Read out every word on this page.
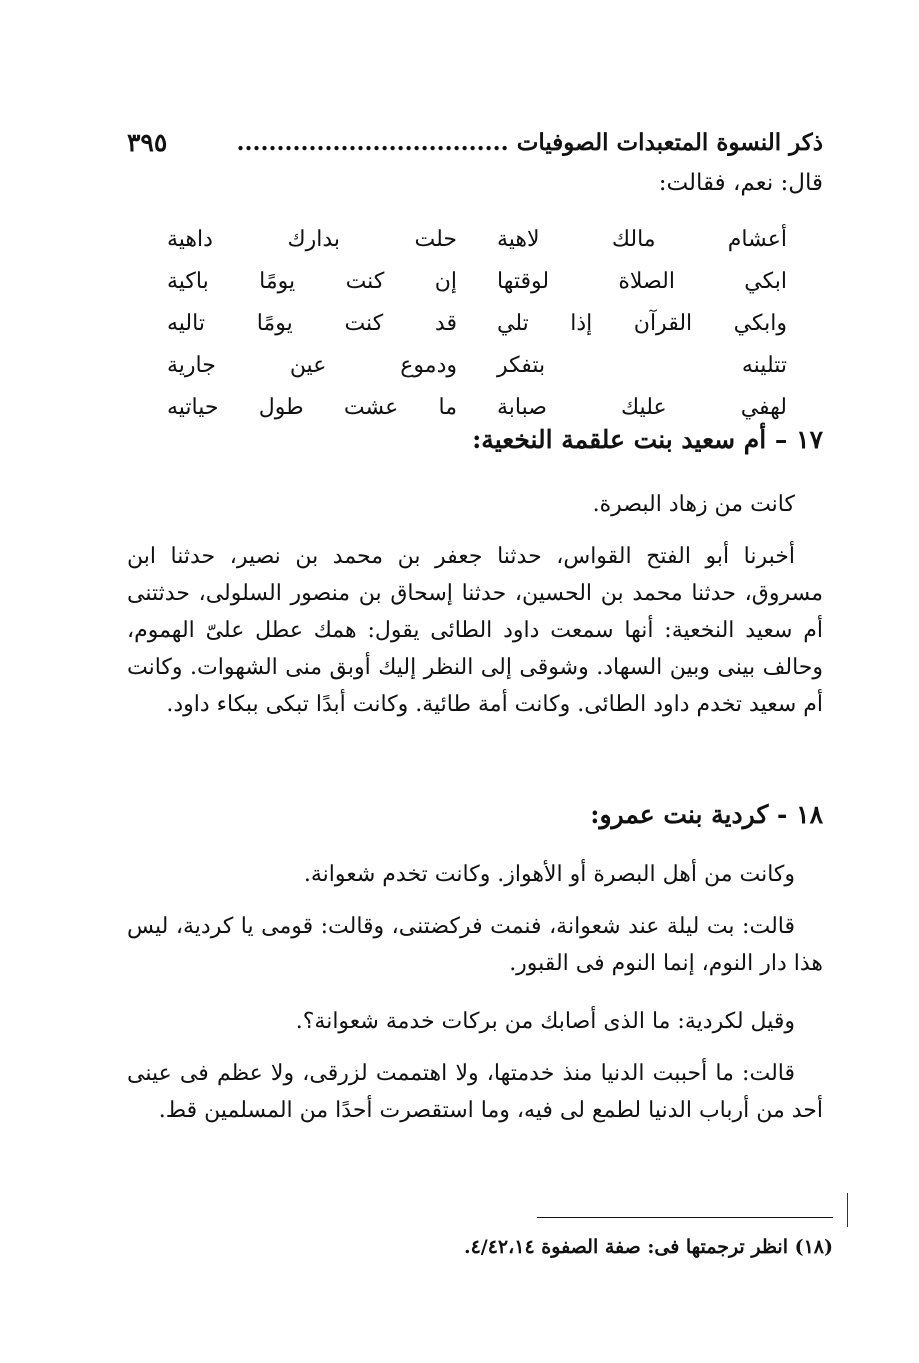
ذكر النسوة المتعبدات الصوفيات ..................................
٣٩٥
قال: نعم، فقالت:
أعشام مالك لاهية
حلت بدارك داهية
ابكي الصلاة لوقتها
إن كنت يومًا باكية
وابكي القرآن إذا تلي
قد كنت يومًا تاليه
تتلينه بتفكر
ودموع عين جارية
لهفي عليك صبابة
ما عشت طول حياتيه
١٧ – أم سعيد بنت علقمة النخعية:
كانت من زهاد البصرة.
أخبرنا أبو الفتح القواس، حدثنا جعفر بن محمد بن نصير، حدثنا ابن مسروق، حدثنا محمد بن الحسين، حدثنا إسحاق بن منصور السلولى، حدثتنى أم سعيد النخعية: أنها سمعت داود الطائى يقول: همك عطل علىّ الهموم، وحالف بينى وبين السهاد. وشوقى إلى النظر إليك أوبق منى الشهوات. وكانت أم سعيد تخدم داود الطائى. وكانت أمة طائية. وكانت أبدًا تبكى ببكاء داود.
١٨ - كردية بنت عمرو:
وكانت من أهل البصرة أو الأهواز. وكانت تخدم شعوانة.
قالت: بت ليلة عند شعوانة، فنمت فركضتنى، وقالت: قومى يا كردية، ليس هذا دار النوم، إنما النوم فى القبور.
وقيل لكردية: ما الذى أصابك من بركات خدمة شعوانة؟.
قالت: ما أحببت الدنيا منذ خدمتها، ولا اهتممت لزرقى، ولا عظم فى عينى أحد من أرباب الدنيا لطمع لى فيه، وما استقصرت أحدًا من المسلمين قط.
(١٨) انظر ترجمتها فى: صفة الصفوة ٤/٤٢،١٤.
